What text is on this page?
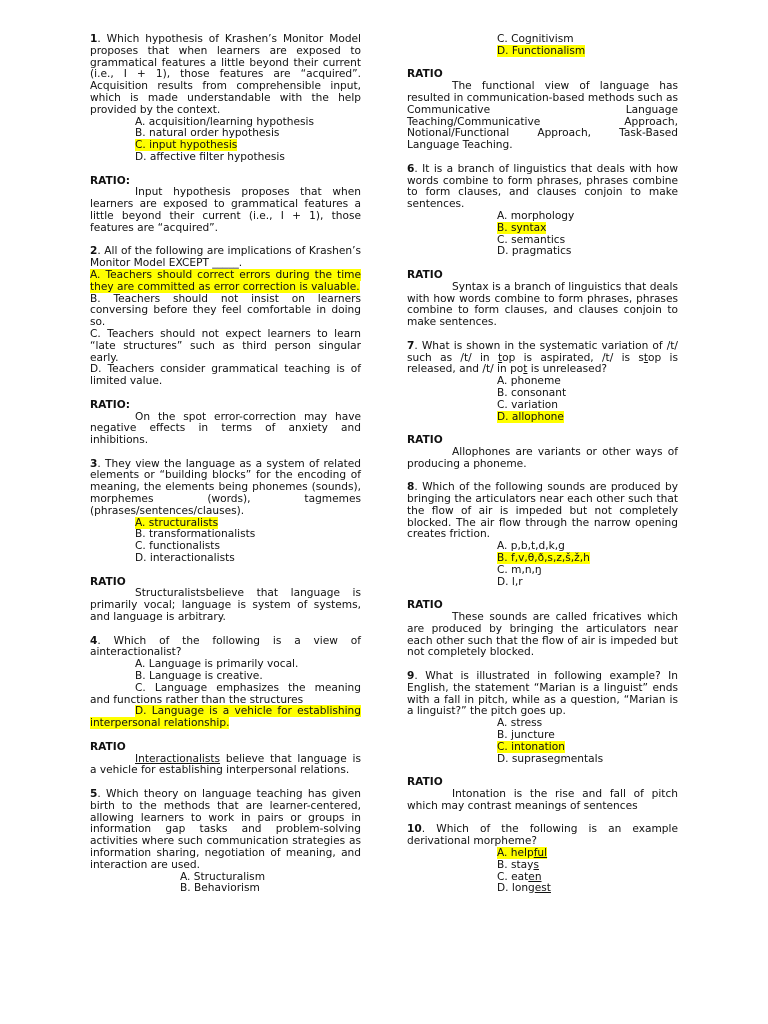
1. Which hypothesis of Krashen’s Monitor Model proposes that when learners are exposed to grammatical features a little beyond their current (i.e., I + 1), those features are “acquired”. Acquisition results from comprehensible input, which is made understandable with the help provided by the context.

A. acquisition/learning hypothesis

B. natural order hypothesis

C. input hypothesis

D. affective filter hypothesis

RATIO:

Input hypothesis proposes that when learners are exposed to grammatical features a little beyond their current (i.e., I + 1), those features are “acquired”.

2. All of the following are implications of Krashen’s Monitor Model EXCEPT _____.

A. Teachers should correct errors during the time they are committed as error correction is valuable.

B. Teachers should not insist on learners conversing before they feel comfortable in doing so.

C. Teachers should not expect learners to learn “late structures” such as third person singular early.

D. Teachers consider grammatical teaching is of limited value.

RATIO:

On the spot error-correction may have negative effects in terms of anxiety and inhibitions.

3. They view the language as a system of related elements or “building blocks” for the encoding of meaning, the elements being phonemes (sounds), morphemes (words), tagmemes (phrases/sentences/clauses).

A. structuralists

B. transformationalists

C. functionalists

D. interactionalists

RATIO

Structuralistsbelieve that language is primarily vocal; language is system of systems, and language is arbitrary.

4. Which of the following is a view of ainteractionalist?

A. Language is primarily vocal.

B. Language is creative.

C. Language emphasizes the meaning and functions rather than the structures

D. Language is a vehicle for establishing interpersonal relationship.

RATIO

Interactionalists believe that language is a vehicle for establishing interpersonal relations.

5. Which theory on language teaching has given birth to the methods that are learner-centered, allowing learners to work in pairs or groups in information gap tasks and problem-solving activities where such communication strategies as information sharing, negotiation of meaning, and interaction are used.

A. Structuralism

B. Behaviorism

C. Cognitivism

D. Functionalism

RATIO

The functional view of language has resulted in communication-based methods such as Communicative Language Teaching/Communicative Approach, Notional/Functional Approach, Task-Based Language Teaching.

6. It is a branch of linguistics that deals with how words combine to form phrases, phrases combine to form clauses, and clauses conjoin to make sentences.

A. morphology

B. syntax

C. semantics

D. pragmatics

RATIO

Syntax is a branch of linguistics that deals with how words combine to form phrases, phrases combine to form clauses, and clauses conjoin to make sentences.

7. What is shown in the systematic variation of /t/ such as /t/ in top is aspirated, /t/ is stop is released, and /t/ in pot is unreleased?

A. phoneme

B. consonant

C. variation

D. allophone

RATIO

Allophones are variants or other ways of producing a phoneme.

8. Which of the following sounds are produced by bringing the articulators near each other such that the flow of air is impeded but not completely blocked. The air flow through the narrow opening creates friction.

A. p,b,t,d,k,g

B. f,v,θ,ð,s,z,š,ž,h

C. m,n,ŋ

D. l,r

RATIO

These sounds are called fricatives which are produced by bringing the articulators near each other such that the flow of air is impeded but not completely blocked.

9. What is illustrated in following example? In English, the statement “Marian is a linguist” ends with a fall in pitch, while as a question, “Marian is a linguist?” the pitch goes up.

A. stress

B. juncture

C. intonation

D. suprasegmentals

RATIO

Intonation is the rise and fall of pitch which may contrast meanings of sentences

10. Which of the following is an example derivational morpheme?

A. helpful

B. stays

C. eaten

D. longest
